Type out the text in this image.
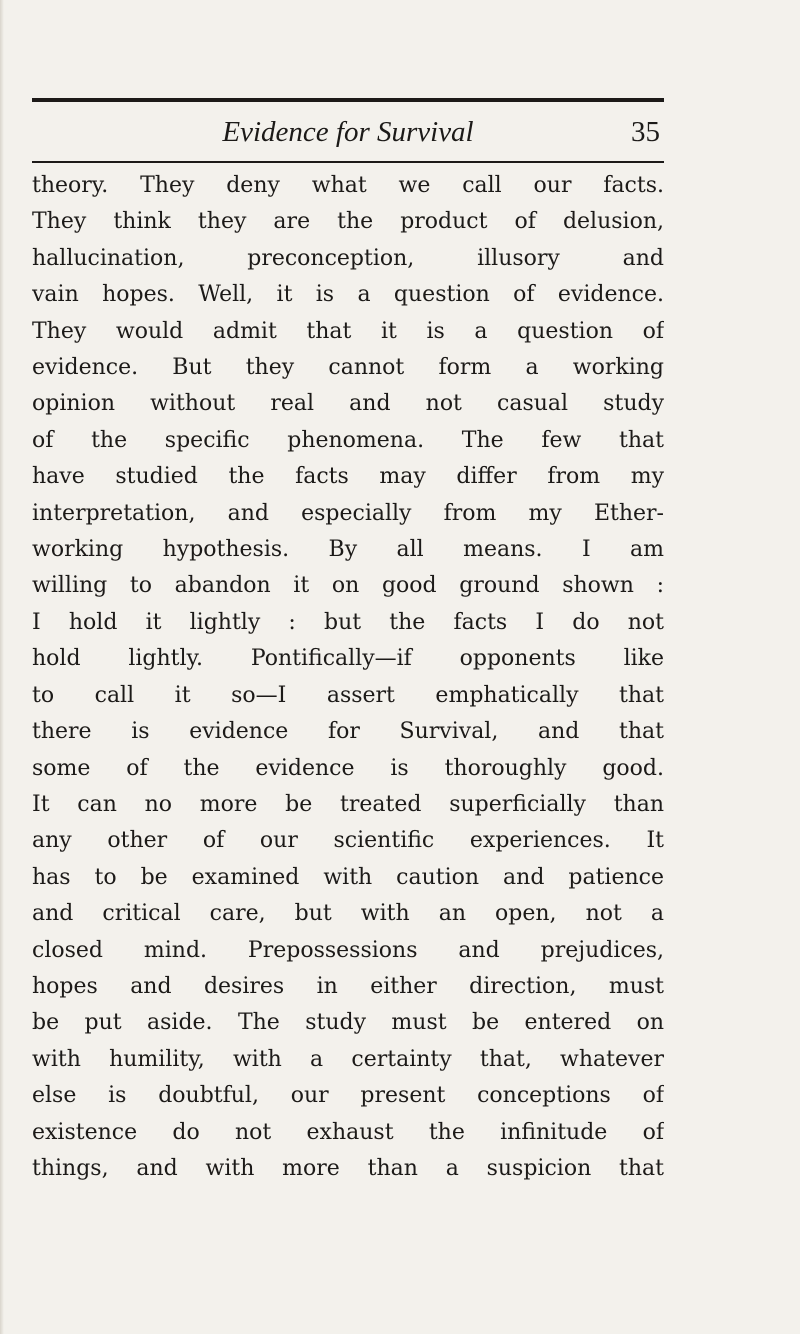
Evidence for Survival	35
theory. They deny what we call our facts.
They think they are the product of delusion,
hallucination, preconception, illusory and
vain hopes. Well, it is a question of evidence.
They would admit that it is a question of
evidence. But they cannot form a working
opinion without real and not casual study
of the specific phenomena. The few that
have studied the facts may differ from my
interpretation, and especially from my Ether-
working hypothesis. By all means. I am
willing to abandon it on good ground shown :
I hold it lightly : but the facts I do not
hold lightly. Pontifically—if opponents like
to call it so—I assert emphatically that
there is evidence for Survival, and that
some of the evidence is thoroughly good.
It can no more be treated superficially than
any other of our scientific experiences. It
has to be examined with caution and patience
and critical care, but with an open, not a
closed mind. Prepossessions and prejudices,
hopes and desires in either direction, must
be put aside. The study must be entered on
with humility, with a certainty that, whatever
else is doubtful, our present conceptions of
existence do not exhaust the infinitude of
things, and with more than a suspicion that
